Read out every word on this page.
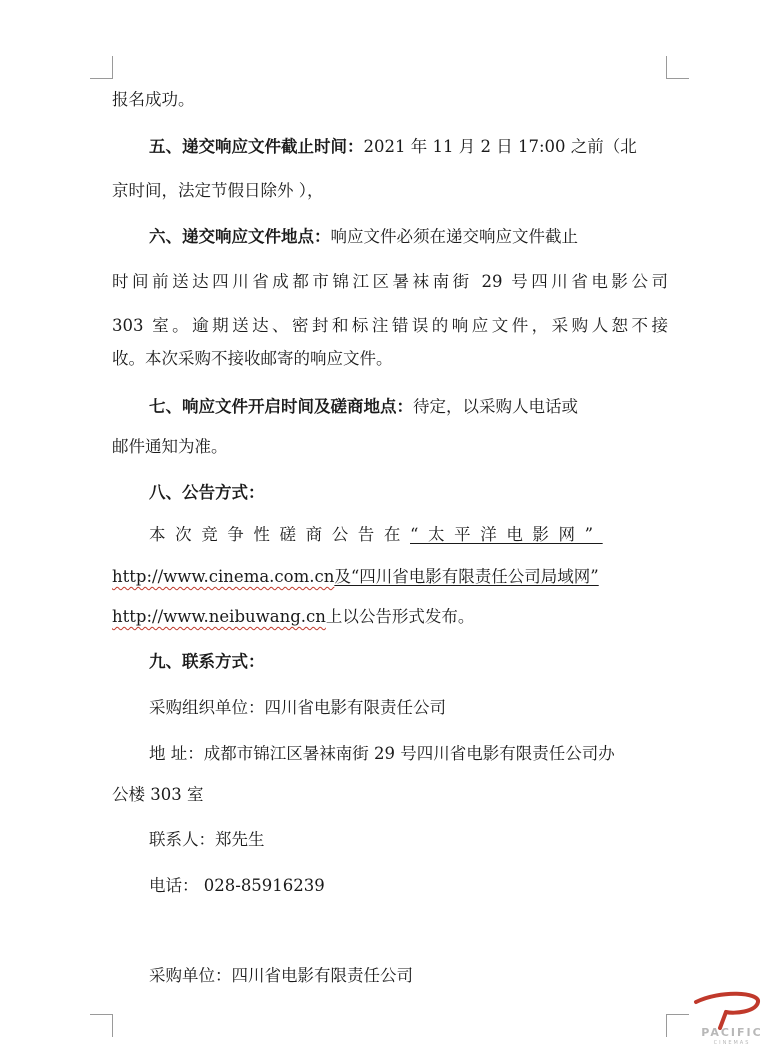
报名成功。
五、递交响应文件截止时间：2021 年 11 月 2 日 17:00 之前（北
京时间，法定节假日除外 ），
六、递交响应文件地点：响应文件必须在递交响应文件截止
时间前送达四川省成都市锦江区暑袜南街 29 号四川省电影公司
303 室。逾期送达、密封和标注错误的响应文件，采购人恕不接
收。本次采购不接收邮寄的响应文件。
七、响应文件开启时间及磋商地点：待定，以采购人电话或
邮件通知为准。
八、公告方式：
本次竞争性磋商公告在“太平洋电影网”
http://www.cinema.com.cn及“四川省电影有限责任公司局域网”
http://www.neibuwang.cn上以公告形式发布。
九、联系方式：
采购组织单位：四川省电影有限责任公司
地 址：成都市锦江区暑袜南街 29 号四川省电影有限责任公司办
公楼 303 室
联系人：郑先生
电话： 028-85916239
采购单位：四川省电影有限责任公司
PACIFIC
CINEMAS
